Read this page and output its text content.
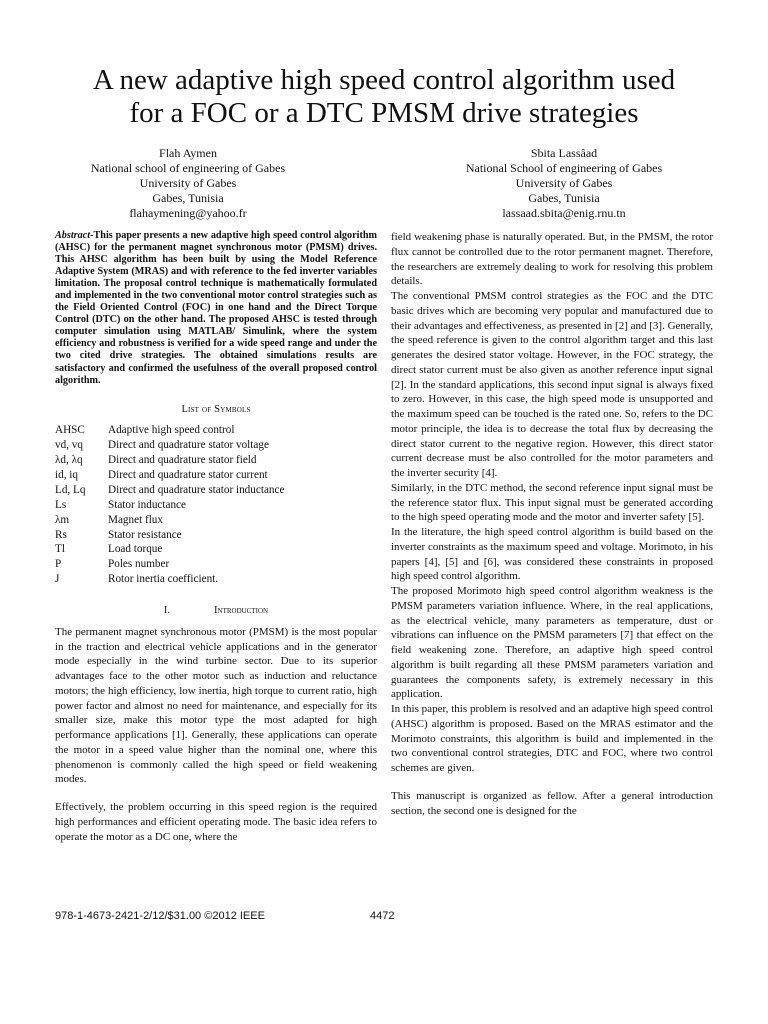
A new adaptive high speed control algorithm used
for a FOC or a DTC PMSM drive strategies
Flah Aymen
National school of engineering of Gabes
University of Gabes
Gabes, Tunisia
flahaymening@yahoo.fr
Sbita Lassâad
National School of engineering of Gabes
University of Gabes
Gabes, Tunisia
lassaad.sbita@enig.rnu.tn

Abstract-This paper presents a new adaptive high speed control algorithm (AHSC) for the permanent magnet synchronous motor (PMSM) drives. This AHSC algorithm has been built by using the Model Reference Adaptive System (MRAS) and with reference to the fed inverter variables limitation. The proposal control technique is mathematically formulated and implemented in the two conventional motor control strategies such as the Field Oriented Control (FOC) in one hand and the Direct Torque Control (DTC) on the other hand. The proposed AHSC is tested through computer simulation using MATLAB/ Simulink, where the system efficiency and robustness is verified for a wide speed range and under the two cited drive strategies. The obtained simulations results are satisfactory and confirmed the usefulness of the overall proposed control algorithm.

List of Symbols
AHSC	Adaptive high speed control
vd, vq	Direct and quadrature stator voltage
λd, λq	Direct and quadrature stator field
id, iq	Direct and quadrature stator current
Ld, Lq	Direct and quadrature stator inductance
Ls	Stator inductance
λm	Magnet flux
Rs	Stator resistance
Tl	Load torque
P	Poles number
J	Rotor inertia coefficient.
I.	Introduction

The permanent magnet synchronous motor (PMSM) is the most popular in the traction and electrical vehicle applications and in the generator mode especially in the wind turbine sector. Due to its superior advantages face to the other motor such as induction and reluctance motors; the high efficiency, low inertia, high torque to current ratio, high power factor and almost no need for maintenance, and especially for its smaller size, make this motor type the most adapted for high performance applications [1]. Generally, these applications can operate the motor in a speed value higher than the nominal one, where this phenomenon is commonly called the high speed or field weakening modes.

Effectively, the problem occurring in this speed region is the required high performances and efficient operating mode. The basic idea refers to operate the motor as a DC one, where the

field weakening phase is naturally operated. But, in the PMSM, the rotor flux cannot be controlled due to the rotor permanent magnet. Therefore, the researchers are extremely dealing to work for resolving this problem details.

The conventional PMSM control strategies as the FOC and the DTC basic drives which are becoming very popular and manufactured due to their advantages and effectiveness, as presented in [2] and [3]. Generally, the speed reference is given to the control algorithm target and this last generates the desired stator voltage. However, in the FOC strategy, the direct stator current must be also given as another reference input signal [2]. In the standard applications, this second input signal is always fixed to zero. However, in this case, the high speed mode is unsupported and the maximum speed can be touched is the rated one. So, refers to the DC motor principle, the idea is to decrease the total flux by decreasing the direct stator current to the negative region. However, this direct stator current decrease must be also controlled for the motor parameters and the inverter security [4].

Similarly, in the DTC method, the second reference input signal must be the reference stator flux. This input signal must be generated according to the high speed operating mode and the motor and inverter safety [5].

In the literature, the high speed control algorithm is build based on the inverter constraints as the maximum speed and voltage. Morimoto, in his papers [4], [5] and [6], was considered these constraints in proposed high speed control algorithm.

The proposed Morimoto high speed control algorithm weakness is the PMSM parameters variation influence. Where, in the real applications, as the electrical vehicle, many parameters as temperature, dust or vibrations can influence on the PMSM parameters [7] that effect on the field weakening zone. Therefore, an adaptive high speed control algorithm is built regarding all these PMSM parameters variation and guarantees the components safety, is extremely necessary in this application.

In this paper, this problem is resolved and an adaptive high speed control (AHSC) algorithm is proposed. Based on the MRAS estimator and the Morimoto constraints, this algorithm is build and implemented in the two conventional control strategies, DTC and FOC, where two control schemes are given.

This manuscript is organized as fellow. After a general introduction section, the second one is designed for the

978-1-4673-2421-2/12/$31.00 ©2012 IEEE	4472
